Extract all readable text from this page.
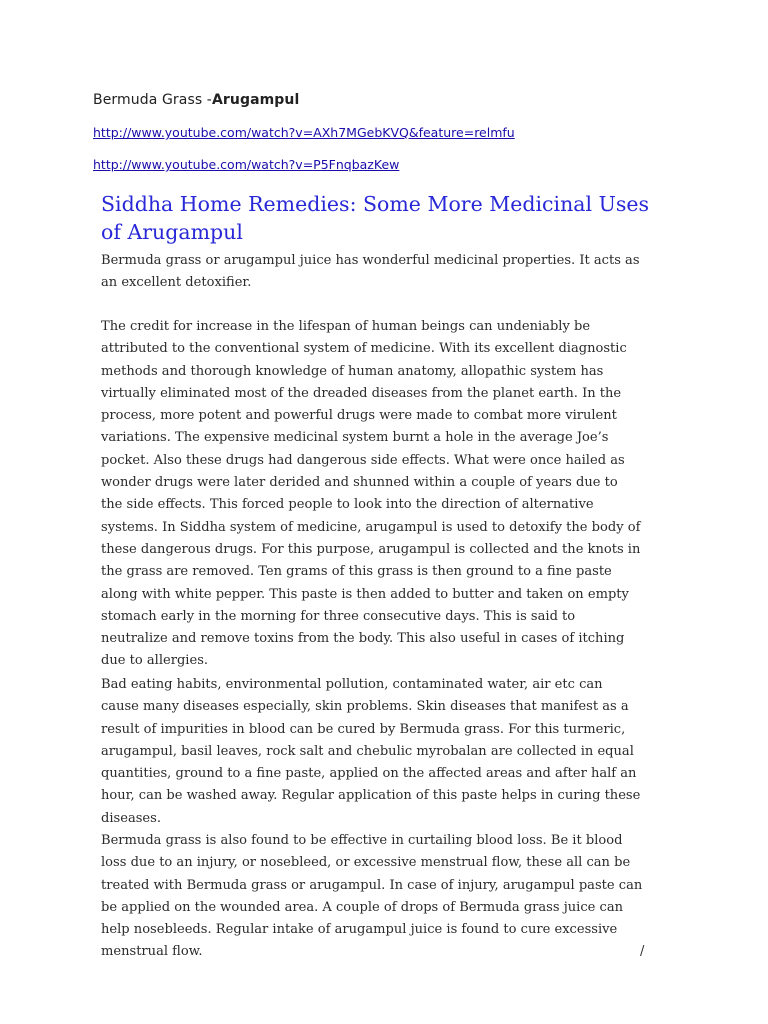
Bermuda Grass -Arugampul
http://www.youtube.com/watch?v=AXh7MGebKVQ&feature=relmfu
http://www.youtube.com/watch?v=P5FnqbazKew
Siddha Home Remedies: Some More Medicinal Uses of Arugampul

Bermuda grass or arugampul juice has wonderful medicinal properties. It acts as an excellent detoxifier.

The credit for increase in the lifespan of human beings can undeniably be attributed to the conventional system of medicine. With its excellent diagnostic methods and thorough knowledge of human anatomy, allopathic system has virtually eliminated most of the dreaded diseases from the planet earth. In the process, more potent and powerful drugs were made to combat more virulent variations. The expensive medicinal system burnt a hole in the average Joe’s pocket. Also these drugs had dangerous side effects. What were once hailed as wonder drugs were later derided and shunned within a couple of years due to the side effects. This forced people to look into the direction of alternative systems. In Siddha system of medicine, arugampul is used to detoxify the body of these dangerous drugs. For this purpose, arugampul is collected and the knots in the grass are removed. Ten grams of this grass is then ground to a fine paste along with white pepper. This paste is then added to butter and taken on empty stomach early in the morning for three consecutive days. This is said to neutralize and remove toxins from the body. This also useful in cases of itching due to allergies.

Bad eating habits, environmental pollution, contaminated water, air etc can cause many diseases especially, skin problems. Skin diseases that manifest as a result of impurities in blood can be cured by Bermuda grass. For this turmeric, arugampul, basil leaves, rock salt and chebulic myrobalan are collected in equal quantities, ground to a fine paste, applied on the affected areas and after half an hour, can be washed away. Regular application of this paste helps in curing these diseases.

Bermuda grass is also found to be effective in curtailing blood loss. Be it blood loss due to an injury, or nosebleed, or excessive menstrual flow, these all can be treated with Bermuda grass or arugampul. In case of injury, arugampul paste can be applied on the wounded area. A couple of drops of Bermuda grass juice can help nosebleeds. Regular intake of arugampul juice is found to cure excessive menstrual flow.	/
